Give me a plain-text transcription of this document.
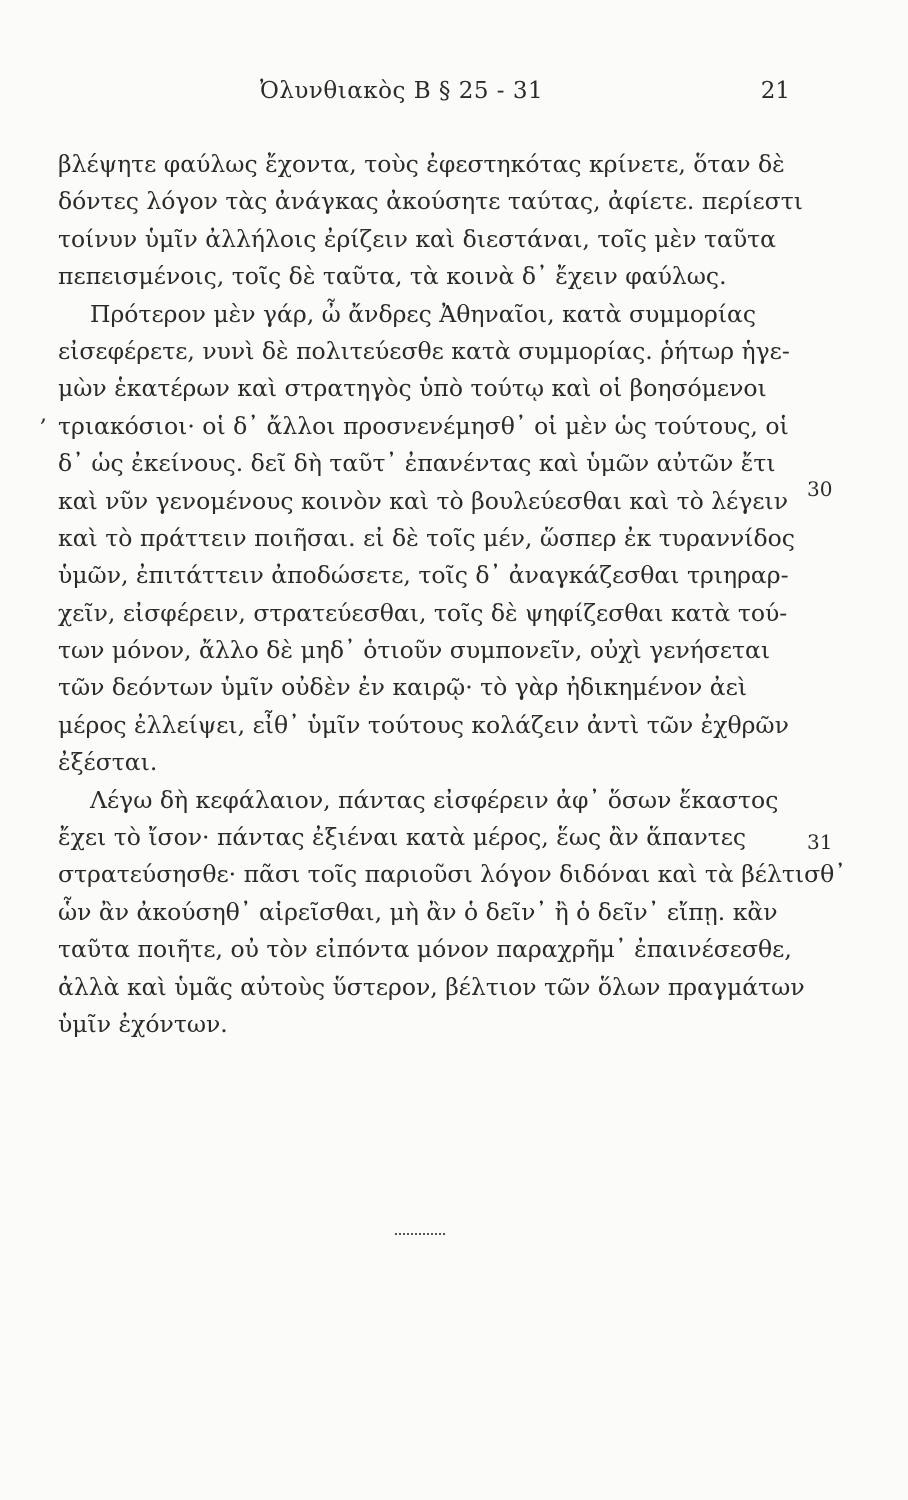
Ὀλυνθιακὸς Β § 25 - 31	21
βλέψητε φαύλως ἔχοντα, τοὺς ἐφεστηκότας κρίνετε, ὅταν δὲ
δόντες λόγον τὰς ἀνάγκας ἀκούσητε ταύτας, ἀφίετε. περίεστι
τοίνυν ὑμῖν ἀλλήλοις ἐρίζειν καὶ διεστάναι, τοῖς μὲν ταῦτα
πεπεισμένοις, τοῖς δὲ ταῦτα, τὰ κοινὰ δ᾽ ἔχειν φαύλως.
Πρότερον μὲν γάρ, ὦ ἄνδρες Ἀθηναῖοι, κατὰ συμμορίας
εἰσεφέρετε, νυνὶ δὲ πολιτεύεσθε κατὰ συμμορίας. ῥήτωρ ἡγε-
μὼν ἑκατέρων καὶ στρατηγὸς ὑπὸ τούτῳ καὶ οἱ βοησόμενοι
τριακόσιοι· οἱ δ᾽ ἄλλοι προσνενέμησθ᾽ οἱ μὲν ὡς τούτους, οἱ
δ᾽ ὡς ἐκείνους. δεῖ δὴ ταῦτ᾽ ἐπανέντας καὶ ὑμῶν αὐτῶν ἔτι
καὶ νῦν γενομένους κοινὸν καὶ τὸ βουλεύεσθαι καὶ τὸ λέγειν
καὶ τὸ πράττειν ποιῆσαι. εἰ δὲ τοῖς μέν, ὥσπερ ἐκ τυραννίδος
ὑμῶν, ἐπιτάττειν ἀποδώσετε, τοῖς δ᾽ ἀναγκάζεσθαι τριηραρ-
χεῖν, εἰσφέρειν, στρατεύεσθαι, τοῖς δὲ ψηφίζεσθαι κατὰ τού-
των μόνον, ἄλλο δὲ μηδ᾽ ὁτιοῦν συμπονεῖν, οὐχὶ γενήσεται
τῶν δεόντων ὑμῖν οὐδὲν ἐν καιρῷ· τὸ γὰρ ἠδικημένον ἀεὶ
μέρος ἐλλείψει, εἶθ᾽ ὑμῖν τούτους κολάζειν ἀντὶ τῶν ἐχθρῶν
ἐξέσται.
Λέγω δὴ κεφάλαιον, πάντας εἰσφέρειν ἀφ᾽ ὅσων ἕκαστος
ἔχει τὸ ἴσον· πάντας ἐξιέναι κατὰ μέρος, ἕως ἂν ἅπαντες
στρατεύσησθε· πᾶσι τοῖς παριοῦσι λόγον διδόναι καὶ τὰ βέλτισθ᾽
ὧν ἂν ἀκούσηθ᾽ αἱρεῖσθαι, μὴ ἂν ὁ δεῖν᾽ ἢ ὁ δεῖν᾽ εἴπῃ. κἂν
ταῦτα ποιῆτε, οὐ τὸν εἰπόντα μόνον παραχρῆμ᾽ ἐπαινέσεσθε,
ἀλλὰ καὶ ὑμᾶς αὐτοὺς ὕστερον, βέλτιον τῶν ὅλων πραγμάτων
ὑμῖν ἐχόντων.
30
31
,
